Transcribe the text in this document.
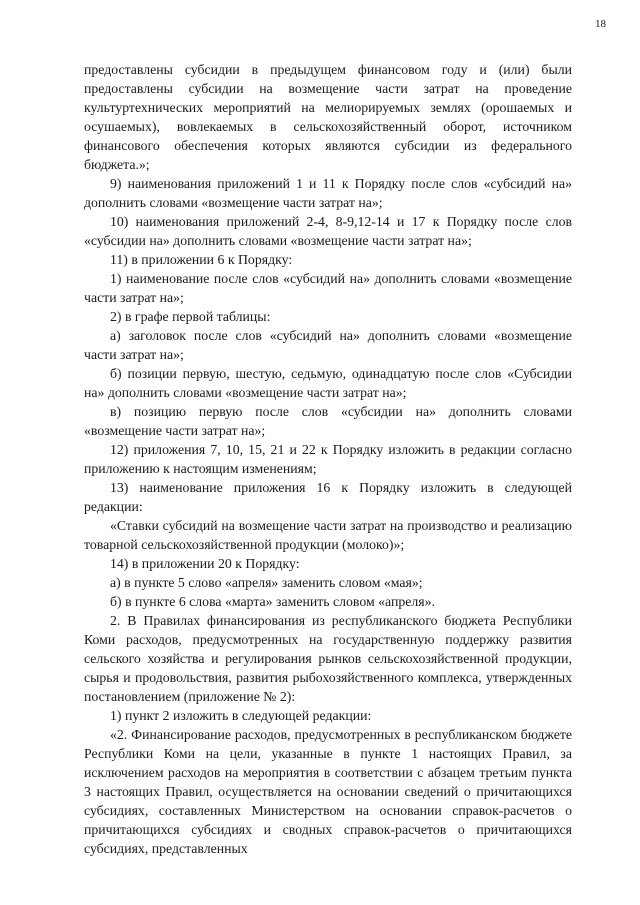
18

предоставлены субсидии в предыдущем финансовом году и (или) были предоставлены субсидии на возмещение части затрат на проведение культуртехнических мероприятий на мелиорируемых землях (орошаемых и осушаемых), вовлекаемых в сельскохозяйственный оборот, источником финансового обеспечения которых являются субсидии из федерального бюджета.»;

9) наименования приложений 1 и 11 к Порядку после слов «субсидий на» дополнить словами «возмещение части затрат на»;

10) наименования приложений 2-4, 8-9,12-14 и 17 к Порядку после слов «субсидии на» дополнить словами «возмещение части затрат на»;

11) в приложении 6 к Порядку:

1) наименование после слов «субсидий на» дополнить словами «возмещение части затрат на»;

2) в графе первой таблицы:

а) заголовок после слов «субсидий на» дополнить словами «возмещение части затрат на»;

б) позиции первую, шестую, седьмую, одинадцатую после слов «Субсидии на» дополнить словами «возмещение части затрат на»;

в) позицию первую после слов «субсидии на» дополнить словами «возмещение части затрат на»;

12) приложения 7, 10, 15, 21 и 22 к Порядку изложить в редакции согласно приложению к настоящим изменениям;

13) наименование приложения 16 к Порядку изложить в следующей редакции:

«Ставки субсидий на возмещение части затрат на производство и реализацию товарной сельскохозяйственной продукции (молоко)»;

14) в приложении 20 к Порядку:

а) в пункте 5 слово «апреля» заменить словом «мая»;

б) в пункте 6 слова «марта» заменить словом «апреля».

2. В Правилах финансирования из республиканского бюджета Республики Коми расходов, предусмотренных на государственную поддержку развития сельского хозяйства и регулирования рынков сельскохозяйственной продукции, сырья и продовольствия, развития рыбохозяйственного комплекса, утвержденных постановлением (приложение № 2):

1) пункт 2 изложить в следующей редакции:

«2. Финансирование расходов, предусмотренных в республиканском бюджете Республики Коми на цели, указанные в пункте 1 настоящих Правил, за исключением расходов на мероприятия в соответствии с абзацем третьим пункта 3 настоящих Правил, осуществляется на основании сведений о причитающихся субсидиях, составленных Министерством на основании справок-расчетов о причитающихся субсидиях и сводных справок-расчетов о причитающихся субсидиях, представленных
